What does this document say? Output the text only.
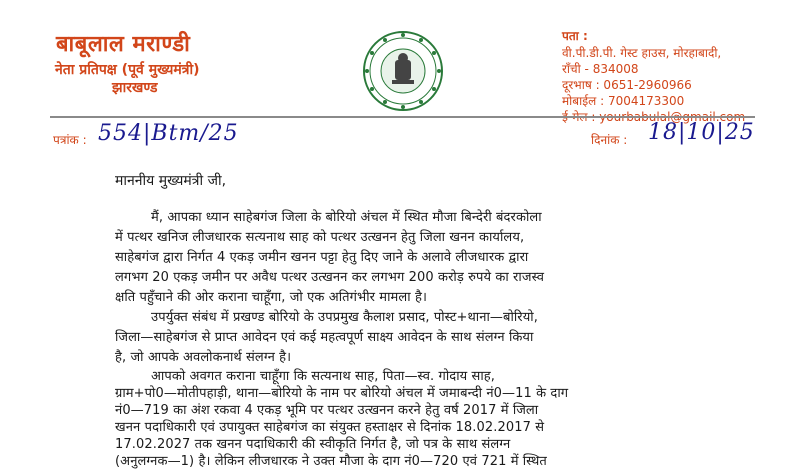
बाबूलाल मराण्डी
नेता प्रतिपक्ष (पूर्व मुख्यमंत्री)
झारखण्ड
पता :
वी.पी.डी.पी. गेस्ट हाउस, मोरहाबादी,
राँची - 834008
दूरभाष : 0651-2960966
मोबाईल : 7004173300
पत्रांक : 554|Btm/25	दिनांक : 18|10|25
माननीय मुख्यमंत्री जी,
मैं, आपका ध्यान साहेबगंज जिला के बोरियो अंचल में स्थित मौजा बिन्देरी बंदरकोला
में पत्थर खनिज लीजधारक सत्यनाथ साह को पत्थर उत्खनन हेतु जिला खनन कार्यालय,
साहेबगंज द्वारा निर्गत 4 एकड़ जमीन खनन पट्टा हेतु दिए जाने के अलावे लीजधारक द्वारा
लगभग 20 एकड़ जमीन पर अवैध पत्थर उत्खनन कर लगभग 200 करोड़ रुपये का राजस्व
क्षति पहुँचाने की ओर कराना चाहूँगा, जो एक अतिगंभीर मामला है।
उपर्युक्त संबंध में प्रखण्ड बोरियो के उपप्रमुख कैलाश प्रसाद, पोस्ट+थाना—बोरियो,
जिला—साहेबगंज से प्राप्त आवेदन एवं कई महत्वपूर्ण साक्ष्य आवेदन के साथ संलग्न किया
है, जो आपके अवलोकनार्थ संलग्न है।
आपको अवगत कराना चाहूँगा कि सत्यनाथ साह, पिता—स्व. गोदाय साह,
ग्राम+पो0—मोतीपहाड़ी, थाना—बोरियो के नाम पर बोरियो अंचल में जमाबन्दी नं0—11 के दाग
नं0—719 का अंश रकवा 4 एकड़ भूमि पर पत्थर उत्खनन करने हेतु वर्ष 2017 में जिला
खनन पदाधिकारी एवं उपायुक्त साहेबगंज का संयुक्त हस्ताक्षर से दिनांक 18.02.2017 से
17.02.2027 तक खनन पदाधिकारी की स्वीकृति निर्गत है, जो पत्र के साथ संलग्न
(अनुलग्नक—1) है। लेकिन लीजधारक ने उक्त मौजा के दाग नं0—720 एवं 721 में स्थित
